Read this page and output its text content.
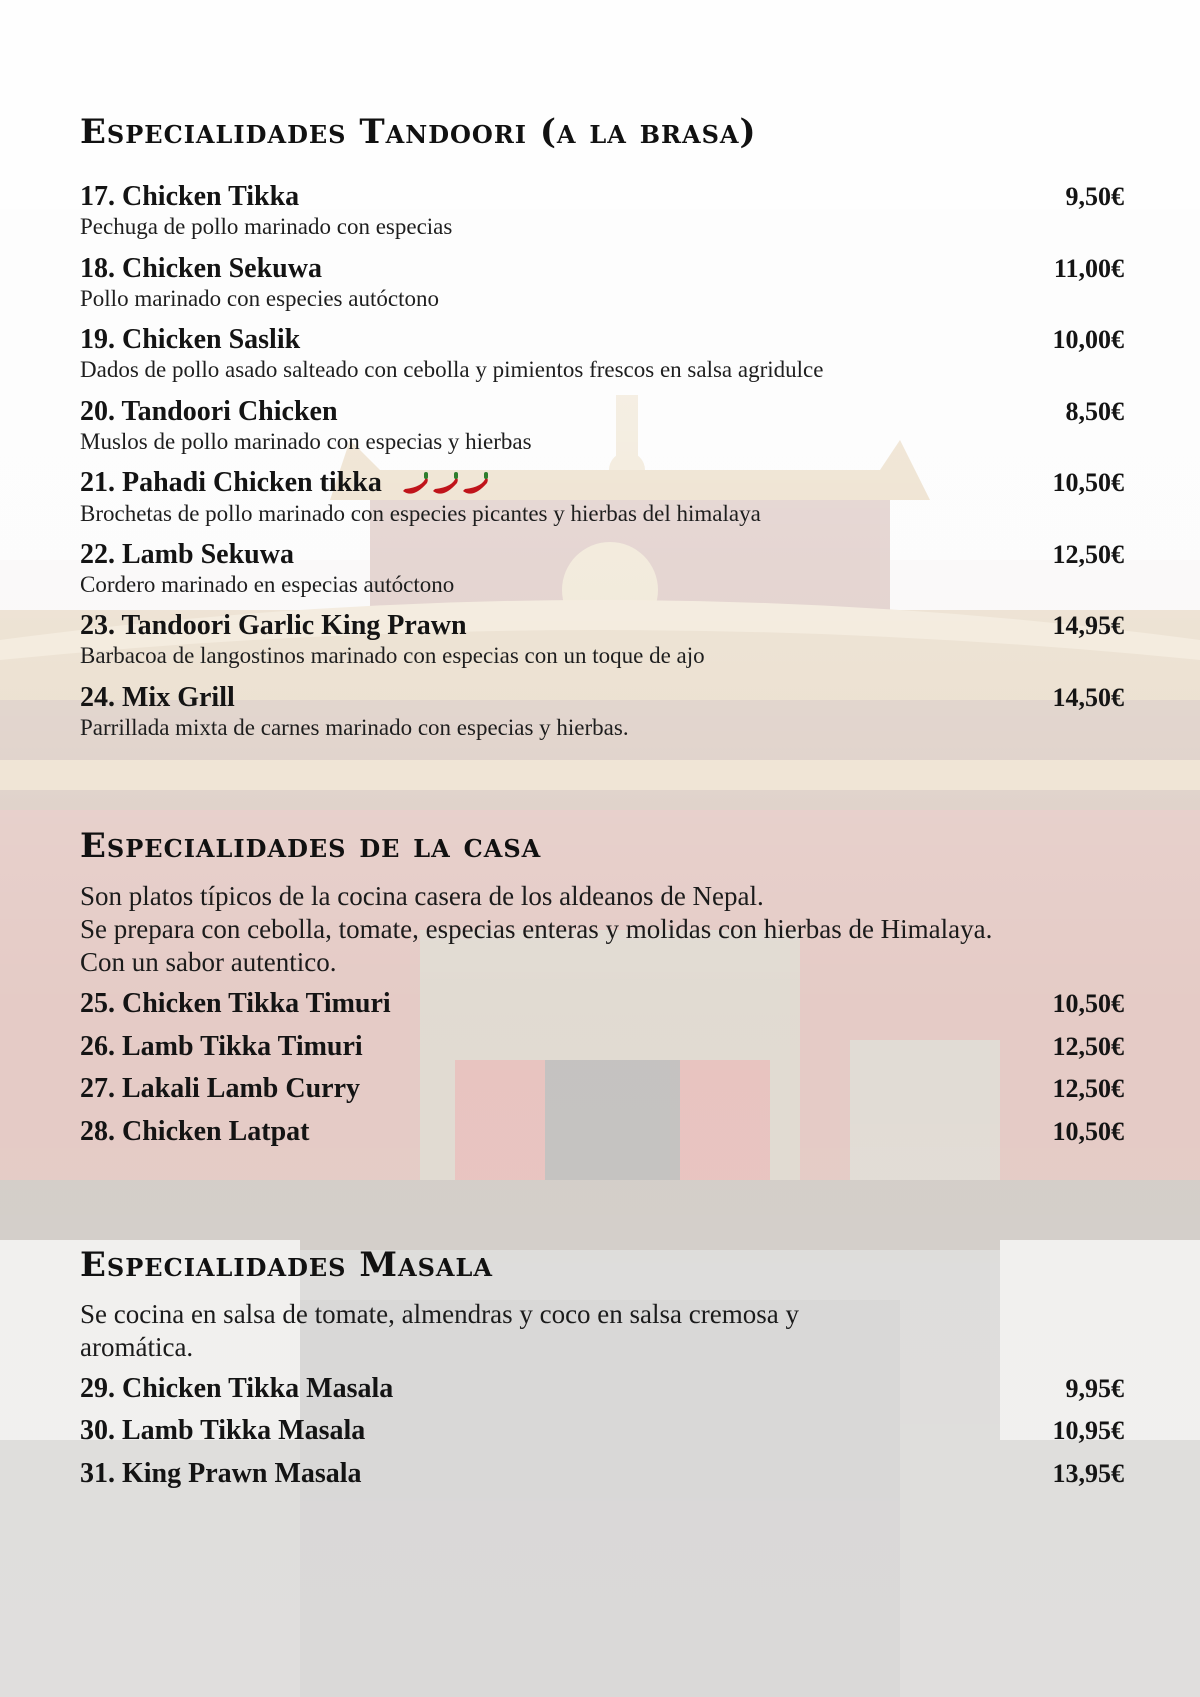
Especialidades Tandoori (a la brasa)
17. Chicken Tikka	9,50€
Pechuga de pollo marinado con especias
18. Chicken Sekuwa	11,00€
Pollo marinado con especies autóctono
19. Chicken Saslik	10,00€
Dados de pollo asado salteado con cebolla y pimientos frescos en salsa agridulce
20. Tandoori Chicken	8,50€
Muslos de pollo marinado con especias y hierbas
21. Pahadi Chicken tikka	10,50€
Brochetas de pollo marinado con especies picantes y hierbas del himalaya
22. Lamb Sekuwa	12,50€
Cordero marinado en especias autóctono
23. Tandoori Garlic King Prawn	14,95€
Barbacoa de langostinos marinado con especias con un toque de ajo
24. Mix Grill	14,50€
Parrillada mixta de carnes marinado con especias y hierbas.
Especialidades de la casa
Son platos típicos de la cocina casera de los aldeanos de Nepal.
Se prepara con cebolla, tomate, especias enteras y molidas con hierbas de Himalaya.
Con un sabor autentico.
25. Chicken Tikka Timuri	10,50€
26. Lamb Tikka Timuri	12,50€
27. Lakali Lamb Curry	12,50€
28. Chicken Latpat	10,50€
Especialidades Masala
Se cocina en salsa de tomate, almendras y coco en salsa cremosa y
aromática.
29. Chicken Tikka Masala	9,95€
30. Lamb Tikka Masala	10,95€
31. King Prawn Masala	13,95€
